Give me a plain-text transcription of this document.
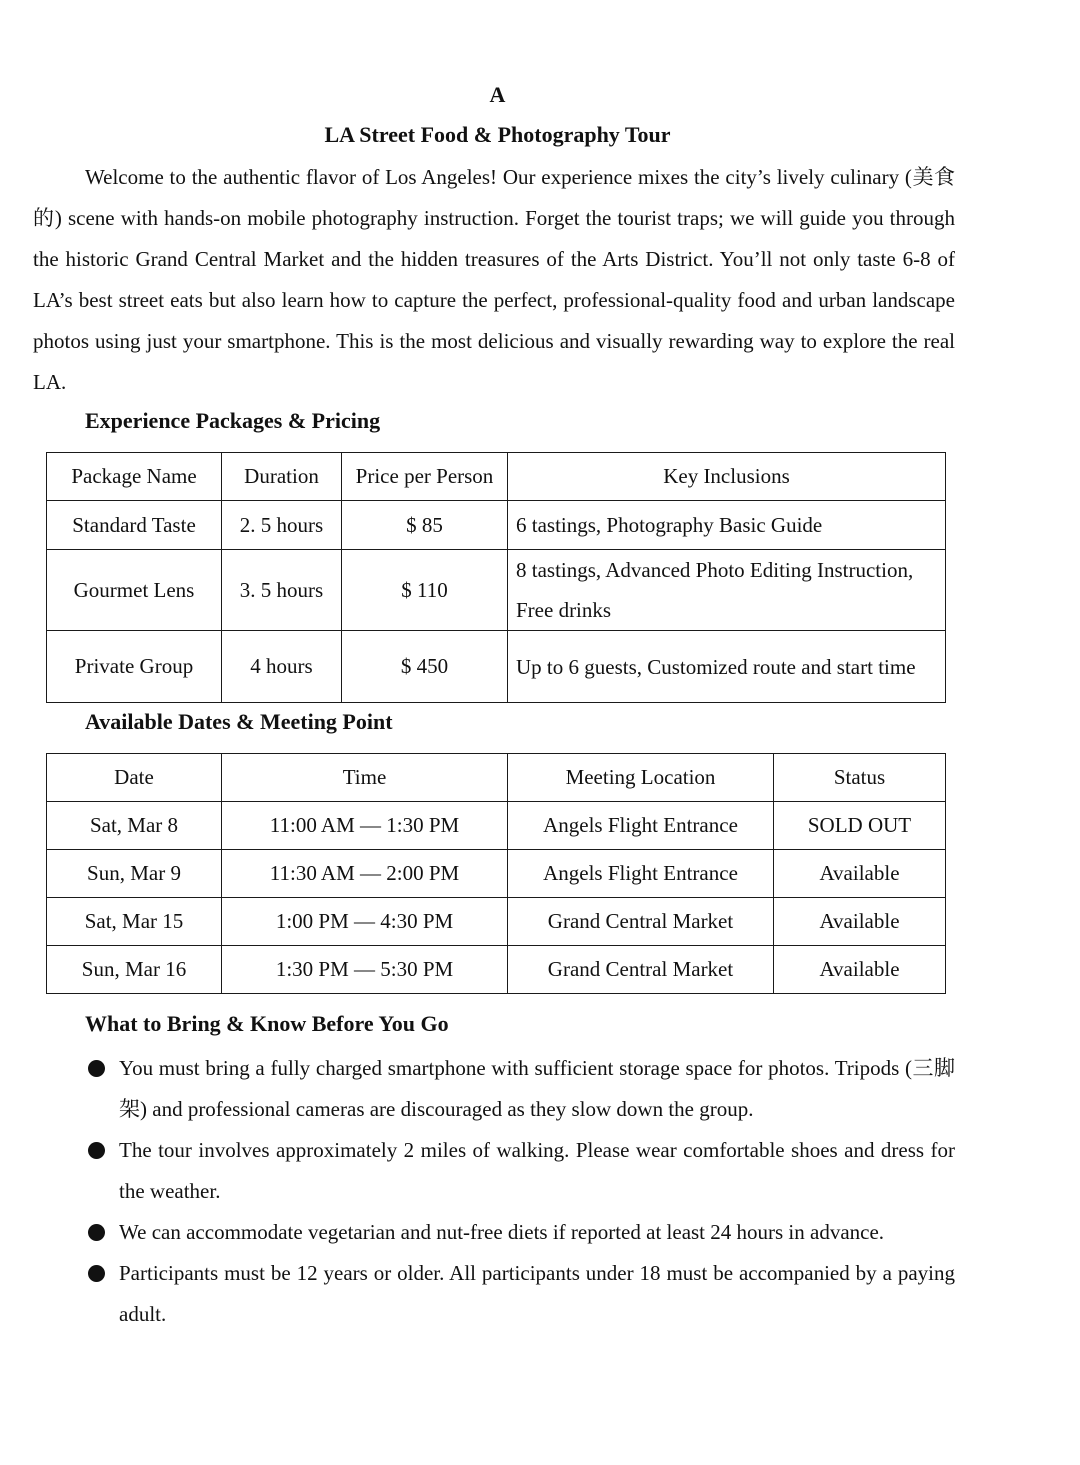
A
LA Street Food & Photography Tour

Welcome to the authentic flavor of Los Angeles! Our experience mixes the city’s lively culinary (美食的) scene with hands-on mobile photography instruction. Forget the tourist traps; we will guide you through the historic Grand Central Market and the hidden treasures of the Arts District. You’ll not only taste 6-8 of LA’s best street eats but also learn how to capture the perfect, professional-quality food and urban landscape photos using just your smartphone. This is the most delicious and visually rewarding way to explore the real LA.

Experience Packages & Pricing
Package Name	Duration	Price per Person	Key Inclusions
Standard Taste	2. 5 hours	$ 85	6 tastings, Photography Basic Guide
Gourmet Lens	3. 5 hours	$ 110	8 tastings, Advanced Photo Editing Instruction, Free drinks
Private Group	4 hours	$ 450	Up to 6 guests, Customized route and start time
Available Dates & Meeting Point
Date	Time	Meeting Location	Status
Sat, Mar 8	11:00 AM — 1:30 PM	Angels Flight Entrance	SOLD OUT
Sun, Mar 9	11:30 AM — 2:00 PM	Angels Flight Entrance	Available
Sat, Mar 15	1:00 PM — 4:30 PM	Grand Central Market	Available
Sun, Mar 16	1:30 PM — 5:30 PM	Grand Central Market	Available
What to Bring & Know Before You Go
You must bring a fully charged smartphone with sufficient storage space for photos. Tripods (三脚架) and professional cameras are discouraged as they slow down the group.
The tour involves approximately 2 miles of walking. Please wear comfortable shoes and dress for the weather.
We can accommodate vegetarian and nut-free diets if reported at least 24 hours in advance.
Participants must be 12 years or older. All participants under 18 must be accompanied by a paying adult.
